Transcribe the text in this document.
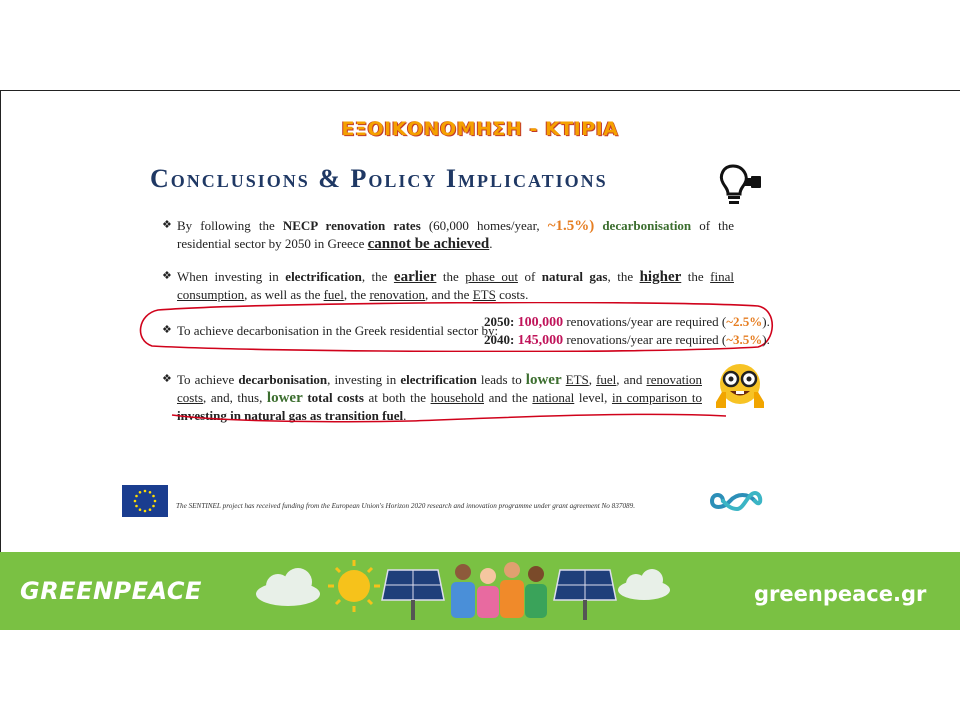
ΕΞΟΙΚΟΝΟΜΗΣΗ - ΚΤΙΡΙΑ
Conclusions & Policy Implications
❖ By following the NECP renovation rates (60,000 homes/year, ~1.5%) decarbonisation of the residential sector by 2050 in Greece cannot be achieved.
❖ When investing in electrification, the earlier the phase out of natural gas, the higher the final consumption, as well as the fuel, the renovation, and the ETS costs.
❖ To achieve decarbonisation in the Greek residential sector by:
2050: 100,000 renovations/year are required (~2.5%).
2040: 145,000 renovations/year are required (~3.5%).
❖ To achieve decarbonisation, investing in electrification leads to lower ETS, fuel, and renovation costs, and, thus, lower total costs at both the household and the national level, in comparison to investing in natural gas as transition fuel.
The SENTINEL project has received funding from the European Union's Horizon 2020 research and innovation programme under grant agreement No 837089.
GREENPEACE	greenpeace.gr
